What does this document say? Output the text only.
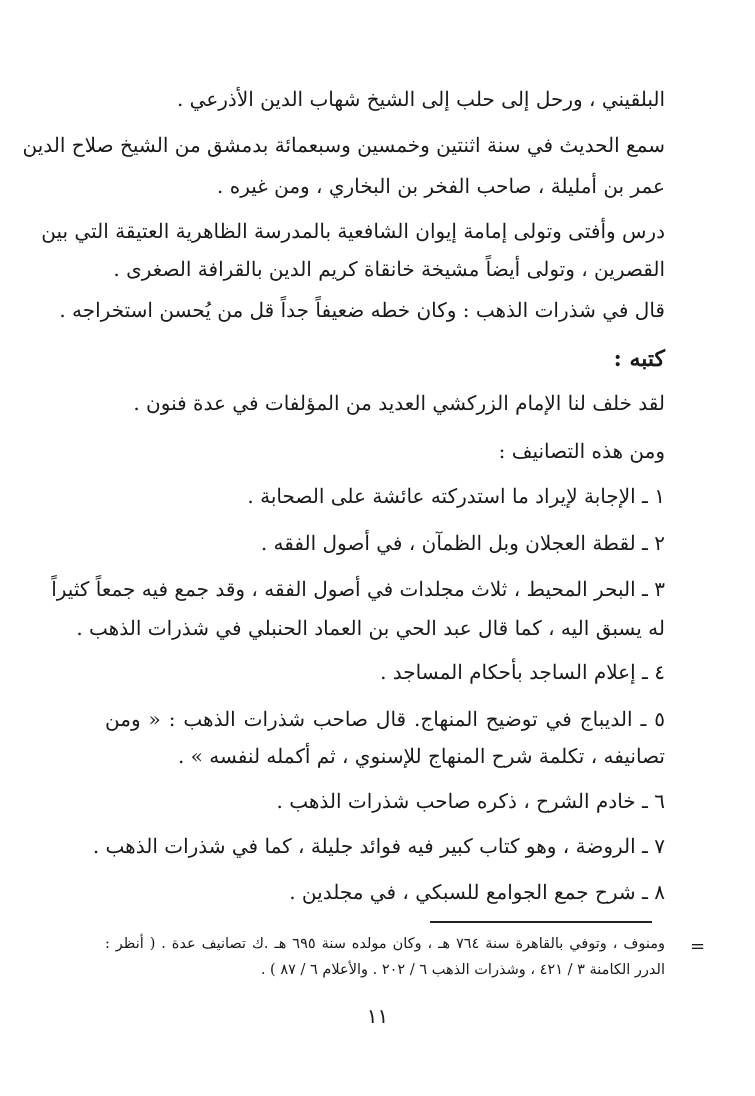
البلقيني ، ورحل إلى حلب إلى الشيخ شهاب الدين الأذرعي .
سمع الحديث في سنة اثنتين وخمسين وسبعمائة بدمشق من الشيخ صلاح الدين
عمر بن أمليلة ، صاحب الفخر بن البخاري ، ومن غيره .
درس وأفتى وتولى إمامة إيوان الشافعية بالمدرسة الظاهرية العتيقة التي بين
القصرين ، وتولى أيضاً مشيخة خانقاة كريم الدين بالقرافة الصغرى .
قال في شذرات الذهب : وكان خطه ضعيفاً جداً قل من يُحسن استخراجه .
كتبه :
لقد خلف لنا الإمام الزركشي العديد من المؤلفات في عدة فنون .
ومن هذه التصانيف :
١ ـ الإجابة لإيراد ما استدركته عائشة على الصحابة .
٢ ـ لقطة العجلان وبل الظمآن ، في أصول الفقه .
٣ ـ البحر المحيط ، ثلاث مجلدات في أصول الفقه ، وقد جمع فيه جمعاً كثيراً
له يسبق اليه ، كما قال عبد الحي بن العماد الحنبلي في شذرات الذهب .
٤ ـ إعلام الساجد بأحكام المساجد .
٥ ـ الديباج في توضيح المنهاج. قال صاحب شذرات الذهب : « ومن
تصانيفه ، تكلمة شرح المنهاج للإسنوي ، ثم أكمله لنفسه » .
٦ ـ خادم الشرح ، ذكره صاحب شذرات الذهب .
٧ ـ الروضة ، وهو كتاب كبير فيه فوائد جليلة ، كما في شذرات الذهب .
٨ ـ شرح جمع الجوامع للسبكي ، في مجلدين .
=
ومنوف ، وتوفي بالقاهرة سنة ٧٦٤ هـ ، وكان مولده سنة ٦٩٥ هـ .ك تصانيف عدة . ( أنظر :
الدرر الكامنة ٣ / ٤٢١ ، وشذرات الذهب ٦ / ٢٠٢ . والأعلام ٦ / ٨٧ ) .
١١
